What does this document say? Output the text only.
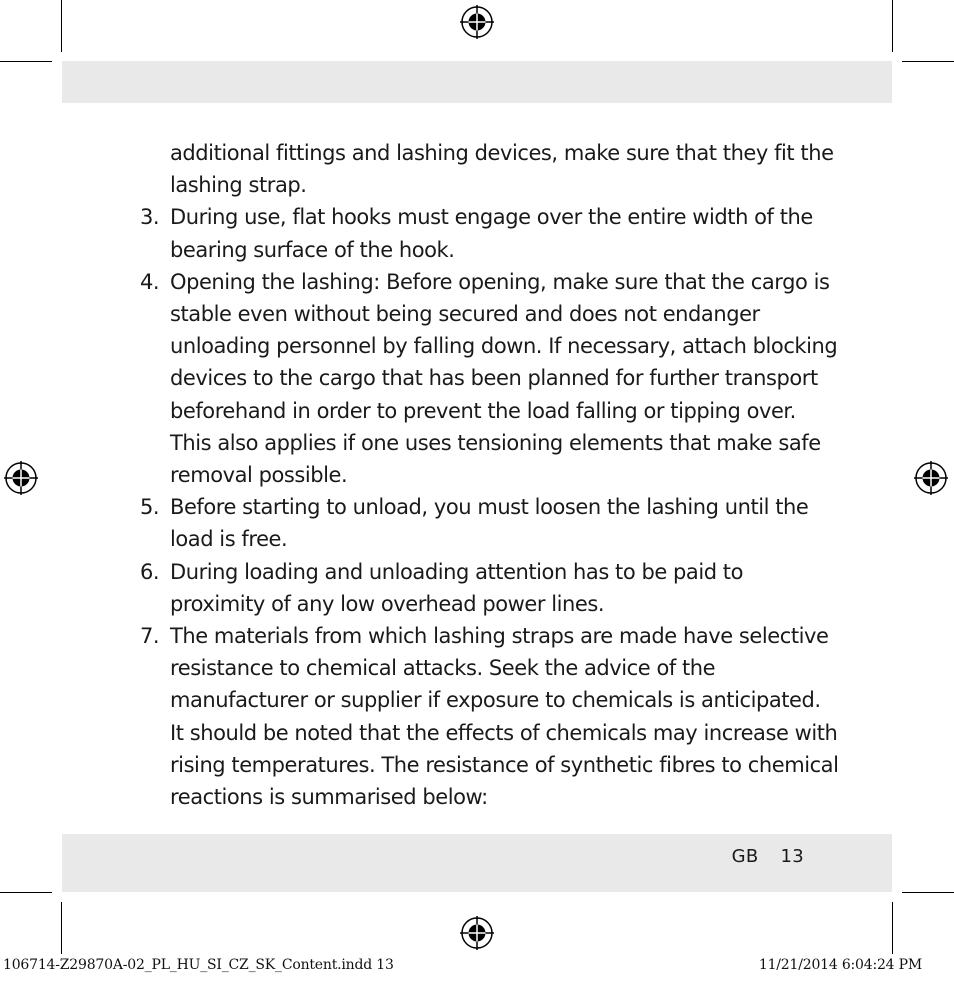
additional fittings and lashing devices, make sure that they fit the lashing strap.
3. During use, flat hooks must engage over the entire width of the bearing surface of the hook.
4. Opening the lashing: Before opening, make sure that the cargo is stable even without being secured and does not endanger unloading personnel by falling down. If necessary, attach blocking devices to the cargo that has been planned for further transport beforehand in order to prevent the load falling or tipping over. This also applies if one uses tensioning elements that make safe removal possible.
5. Before starting to unload, you must loosen the lashing until the load is free.
6. During loading and unloading attention has to be paid to proximity of any low overhead power lines.
7. The materials from which lashing straps are made have selective resistance to chemical attacks. Seek the advice of the manufacturer or supplier if exposure to chemicals is anticipated. It should be noted that the effects of chemicals may increase with rising temperatures. The resistance of synthetic fibres to chemical reactions is summarised below:
GB 13
106714-Z29870A-02_PL_HU_SI_CZ_SK_Content.indd 13	11/21/2014 6:04:24 PM
